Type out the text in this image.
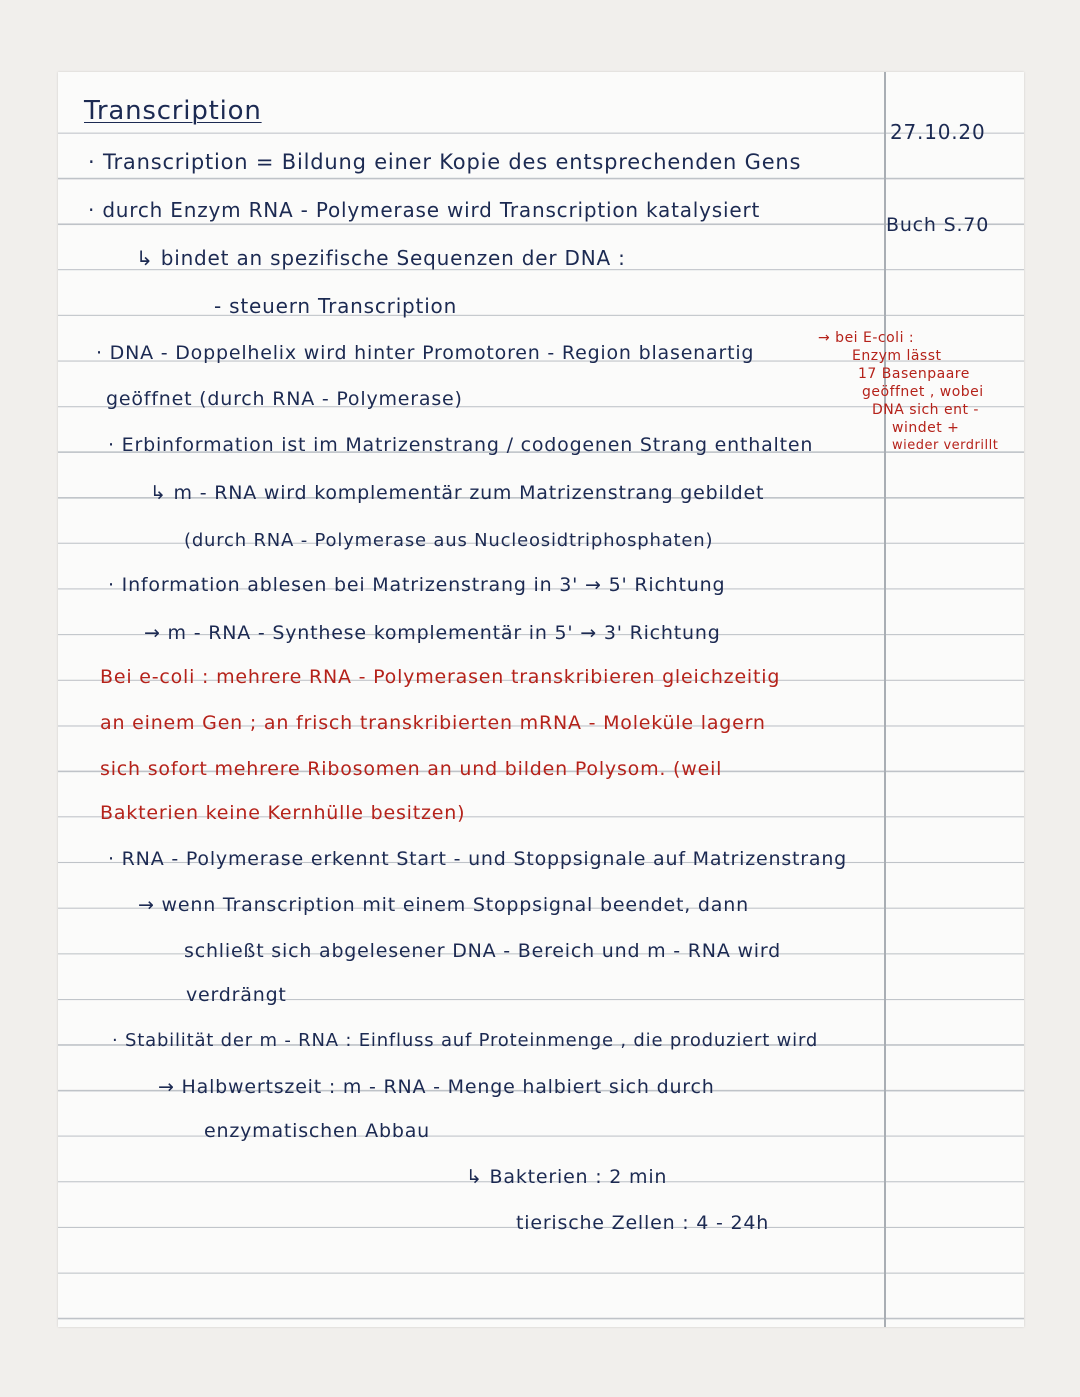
Transcription
27.10.20
Buch S.70
· Transcription = Bildung einer Kopie des entsprechenden Gens
· durch Enzym RNA - Polymerase wird Transcription katalysiert
↳ bindet an spezifische Sequenzen der DNA :
- steuern Transcription
· DNA - Doppelhelix wird hinter Promotoren - Region blasenartig
geöffnet (durch RNA - Polymerase)
· Erbinformation ist im Matrizenstrang / codogenen Strang enthalten
↳ m - RNA wird komplementär zum Matrizenstrang gebildet
(durch RNA - Polymerase aus Nucleosidtriphosphaten)
· Information ablesen bei Matrizenstrang in 3' → 5' Richtung
→ m - RNA - Synthese komplementär in 5' → 3' Richtung
Bei e-coli : mehrere RNA - Polymerasen transkribieren gleichzeitig
an einem Gen ; an frisch transkribierten mRNA - Moleküle lagern
sich sofort mehrere Ribosomen an und bilden Polysom. (weil
Bakterien keine Kernhülle besitzen)
· RNA - Polymerase erkennt Start - und Stoppsignale auf Matrizenstrang
→ wenn Transcription mit einem Stoppsignal beendet, dann
schließt sich abgelesener DNA - Bereich und m - RNA wird
verdrängt
· Stabilität der m - RNA : Einfluss auf Proteinmenge , die produziert wird
→ Halbwertszeit : m - RNA - Menge halbiert sich durch
enzymatischen Abbau
↳ Bakterien : 2 min
tierische Zellen : 4 - 24h
→ bei E-coli :
Enzym lässt
17 Basenpaare
geöffnet , wobei
DNA sich ent -
windet +
wieder verdrillt
